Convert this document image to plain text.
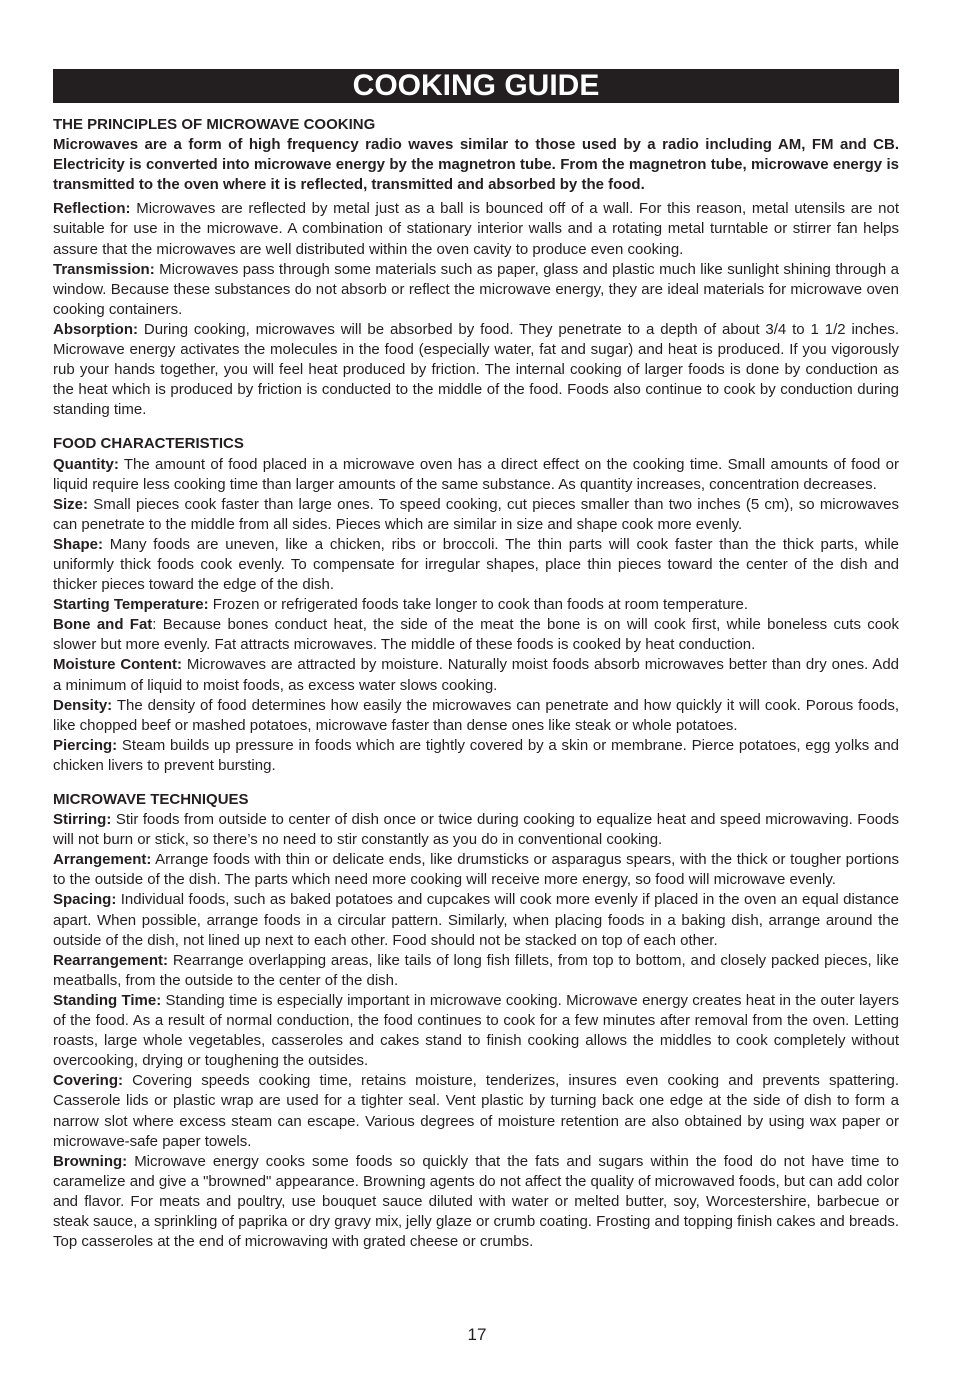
COOKING GUIDE

THE PRINCIPLES OF MICROWAVE COOKING

Microwaves are a form of high frequency radio waves similar to those used by a radio including AM, FM and CB. Electricity is converted into microwave energy by the magnetron tube. From the magnetron tube, microwave energy is transmitted to the oven where it is reflected, transmitted and absorbed by the food.

Reflection: Microwaves are reflected by metal just as a ball is bounced off of a wall. For this reason, metal utensils are not suitable for use in the microwave. A combination of stationary interior walls and a rotating metal turntable or stirrer fan helps assure that the microwaves are well distributed within the oven cavity to produce even cooking.

Transmission: Microwaves pass through some materials such as paper, glass and plastic much like sunlight shining through a window. Because these substances do not absorb or reflect the microwave energy, they are ideal materials for microwave oven cooking containers.

Absorption: During cooking, microwaves will be absorbed by food. They penetrate to a depth of about 3/4 to 1 1/2 inches. Microwave energy activates the molecules in the food (especially water, fat and sugar) and heat is produced. If you vigorously rub your hands together, you will feel heat produced by friction. The internal cooking of larger foods is done by conduction as the heat which is produced by friction is conducted to the middle of the food. Foods also continue to cook by conduction during standing time.

FOOD CHARACTERISTICS

Quantity: The amount of food placed in a microwave oven has a direct effect on the cooking time. Small amounts of food or liquid require less cooking time than larger amounts of the same substance. As quantity increases, concentration decreases.

Size: Small pieces cook faster than large ones. To speed cooking, cut pieces smaller than two inches (5 cm), so microwaves can penetrate to the middle from all sides. Pieces which are similar in size and shape cook more evenly.

Shape: Many foods are uneven, like a chicken, ribs or broccoli. The thin parts will cook faster than the thick parts, while uniformly thick foods cook evenly. To compensate for irregular shapes, place thin pieces toward the center of the dish and thicker pieces toward the edge of the dish.

Starting Temperature: Frozen or refrigerated foods take longer to cook than foods at room temperature.

Bone and Fat: Because bones conduct heat, the side of the meat the bone is on will cook first, while boneless cuts cook slower but more evenly. Fat attracts microwaves. The middle of these foods is cooked by heat conduction.

Moisture Content: Microwaves are attracted by moisture. Naturally moist foods absorb microwaves better than dry ones. Add a minimum of liquid to moist foods, as excess water slows cooking.

Density: The density of food determines how easily the microwaves can penetrate and how quickly it will cook. Porous foods, like chopped beef or mashed potatoes, microwave faster than dense ones like steak or whole potatoes.

Piercing: Steam builds up pressure in foods which are tightly covered by a skin or membrane. Pierce potatoes, egg yolks and chicken livers to prevent bursting.

MICROWAVE TECHNIQUES

Stirring: Stir foods from outside to center of dish once or twice during cooking to equalize heat and speed microwaving. Foods will not burn or stick, so there’s no need to stir constantly as you do in conventional cooking.

Arrangement: Arrange foods with thin or delicate ends, like drumsticks or asparagus spears, with the thick or tougher portions to the outside of the dish. The parts which need more cooking will receive more energy, so food will microwave evenly.

Spacing: Individual foods, such as baked potatoes and cupcakes will cook more evenly if placed in the oven an equal distance apart. When possible, arrange foods in a circular pattern. Similarly, when placing foods in a baking dish, arrange around the outside of the dish, not lined up next to each other. Food should not be stacked on top of each other.

Rearrangement: Rearrange overlapping areas, like tails of long fish fillets, from top to bottom, and closely packed pieces, like meatballs, from the outside to the center of the dish.

Standing Time: Standing time is especially important in microwave cooking. Microwave energy creates heat in the outer layers of the food. As a result of normal conduction, the food continues to cook for a few minutes after removal from the oven. Letting roasts, large whole vegetables, casseroles and cakes stand to finish cooking allows the middles to cook completely without overcooking, drying or toughening the outsides.

Covering: Covering speeds cooking time, retains moisture, tenderizes, insures even cooking and prevents spattering. Casserole lids or plastic wrap are used for a tighter seal. Vent plastic by turning back one edge at the side of dish to form a narrow slot where excess steam can escape. Various degrees of moisture retention are also obtained by using wax paper or microwave-safe paper towels.

Browning: Microwave energy cooks some foods so quickly that the fats and sugars within the food do not have time to caramelize and give a "browned" appearance. Browning agents do not affect the quality of microwaved foods, but can add color and flavor. For meats and poultry, use bouquet sauce diluted with water or melted butter, soy, Worcestershire, barbecue or steak sauce, a sprinkling of paprika or dry gravy mix‚ jelly glaze or crumb coating. Frosting and topping finish cakes and breads. Top casseroles at the end of microwaving with grated cheese or crumbs.

17
